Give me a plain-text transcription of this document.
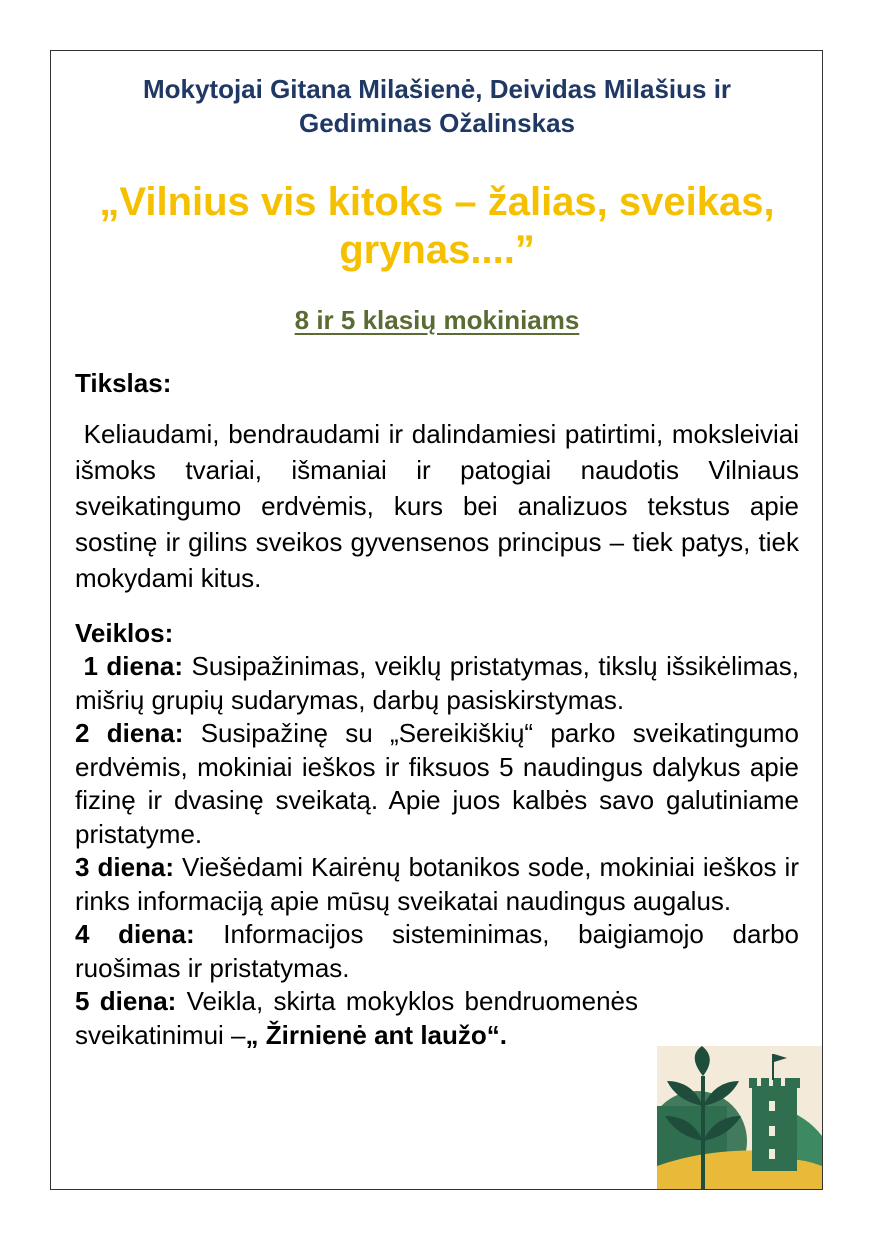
Mokytojai Gitana Milašienė, Deividas Milašius ir Gediminas Ožalinskas

„Vilnius vis kitoks – žalias, sveikas, grynas....”

8 ir 5 klasių mokiniams

Tikslas:

Keliaudami, bendraudami ir dalindamiesi patirtimi, moksleiviai išmoks tvariai, išmaniai ir patogiai naudotis Vilniaus sveikatingumo erdvėmis, kurs bei analizuos tekstus apie sostinę ir gilins sveikos gyvensenos principus – tiek patys, tiek mokydami kitus.

Veiklos:

1 diena: Susipažinimas, veiklų pristatymas, tikslų išsikėlimas, mišrių grupių sudarymas, darbų pasiskirstymas.

2 diena: Susipažinę su „Sereikiškių“ parko sveikatingumo erdvėmis, mokiniai ieškos ir fiksuos 5 naudingus dalykus apie fizinę ir dvasinę sveikatą. Apie juos kalbės savo galutiniame pristatyme.

3 diena: Viešėdami Kairėnų botanikos sode, mokiniai ieškos ir rinks informaciją apie mūsų sveikatai naudingus augalus.

4 diena: Informacijos sisteminimas, baigiamojo darbo ruošimas ir pristatymas.

5 diena: Veikla, skirta mokyklos bendruomenės sveikatinimui –„ Žirnienė ant laužo“.
